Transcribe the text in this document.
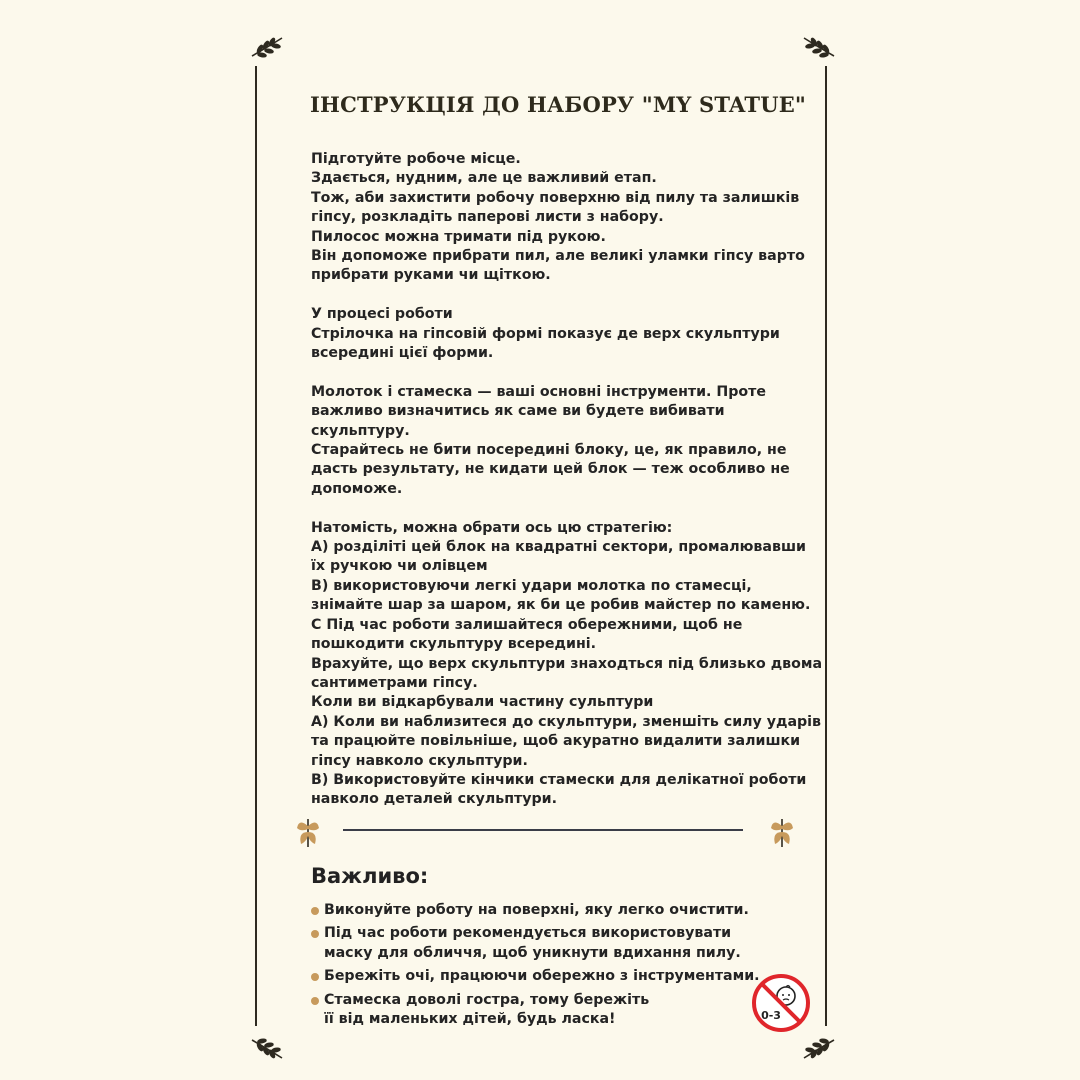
ІНСТРУКЦІЯ ДО НАБОРУ "MY STATUE"
Підготуйте робоче місце.
Здається, нудним, але це важливий етап.
Тож, аби захистити робочу поверхню від пилу та залишків
гіпсу, розкладіть паперові листи з набору.
Пилосос можна тримати під рукою.
Він допоможе прибрати пил, але великі уламки гіпсу варто
прибрати руками чи щіткою.
У процесі роботи
Стрілочка на гіпсовій формі показує де верх скульптури
всередині цієї форми.
Молоток і стамеска — ваші основні інструменти. Проте
важливо визначитись як саме ви будете вибивати
скульптуру.
Старайтесь не бити посередині блоку, це, як правило, не
дасть результату, не кидати цей блок — теж особливо не
допоможе.
Натомість, можна обрати ось цю стратегію:
А) розділіті цей блок на квадратні сектори, промалювавши
їх ручкою чи олівцем
В) використовуючи легкі удари молотка по стамесці,
знімайте шар за шаром, як би це робив майстер по каменю.
С Під час роботи залишайтеся обережними, щоб не
пошкодити скульптуру всередині.
Врахуйте, що верх скульптури знаходться під близько двома
сантиметрами гіпсу.
Коли ви відкарбували частину сульптури
А) Коли ви наблизитеся до скульптури, зменшіть силу ударів
та працюйте повільніше, щоб акуратно видалити залишки
гіпсу навколо скульптури.
В) Використовуйте кінчики стамески для делікатної роботи
навколо деталей скульптури.
Важливо:
Виконуйте роботу на поверхні, яку легко очистити.
Під час роботи рекомендується використовувати
маску для обличчя, щоб уникнути вдихання пилу.
Бережіть очі, працюючи обережно з інструментами.
Стамеска доволі гостра, тому бережіть
її від маленьких дітей, будь ласка!	0-3
